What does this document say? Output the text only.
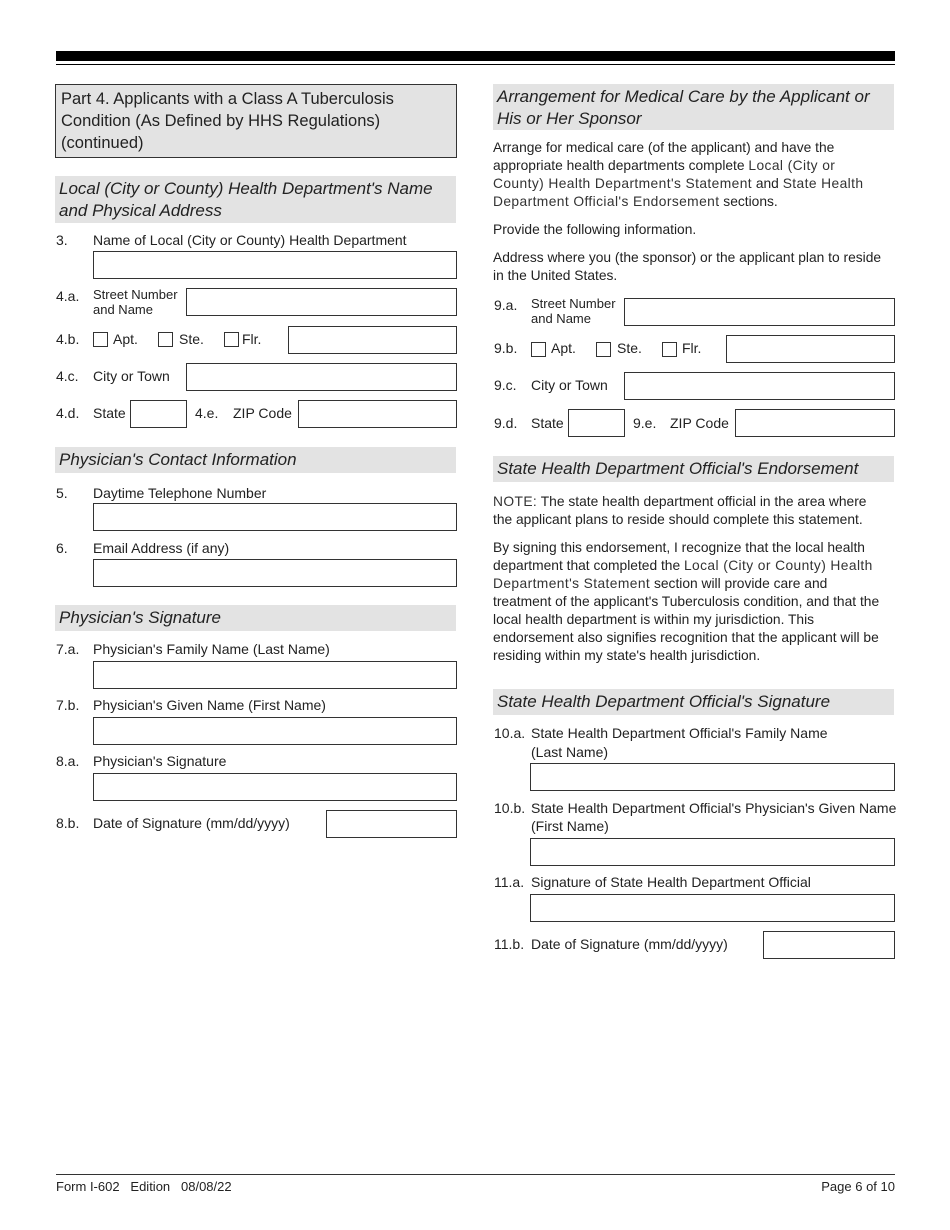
Part 4. Applicants with a Class A Tuberculosis Condition (As Defined by HHS Regulations) (continued)
Local (City or County) Health Department's Name and Physical Address
3. Name of Local (City or County) Health Department
4.a. Street Number
and Name
4.b. Apt.	Ste.	Flr.
4.c. City or Town
4.d. State	4.e. ZIP Code
Physician's Contact Information
5. Daytime Telephone Number
6. Email Address (if any)
Physician's Signature
7.a. Physician's Family Name (Last Name)
7.b. Physician's Given Name (First Name)
8.a. Physician's Signature
8.b. Date of Signature (mm/dd/yyyy)
Arrangement for Medical Care by the Applicant or His or Her Sponsor
Arrange for medical care (of the applicant) and have the
appropriate health departments complete Local (City or
County) Health Department's Statement and State Health
Department Official's Endorsement sections.
Provide the following information.
Address where you (the sponsor) or the applicant plan to reside in the United States.
9.a. Street Number
and Name
9.b. Apt.	Ste.	Flr.
9.c. City or Town
9.d. State	9.e. ZIP Code
State Health Department Official's Endorsement
NOTE: The state health department official in the area where
the applicant plans to reside should complete this statement.
By signing this endorsement, I recognize that the local health
department that completed the Local (City or County) Health
Department's Statement section will provide care and
treatment of the applicant's Tuberculosis condition, and that the
local health department is within my jurisdiction. This
endorsement also signifies recognition that the applicant will be
residing within my state's health jurisdiction.
State Health Department Official's Signature
10.a. State Health Department Official's Family Name
(Last Name)
10.b. State Health Department Official's Physician's Given Name
(First Name)
11.a. Signature of State Health Department Official
11.b. Date of Signature (mm/dd/yyyy)
Form I-602   Edition   08/08/22	Page 6 of 10
